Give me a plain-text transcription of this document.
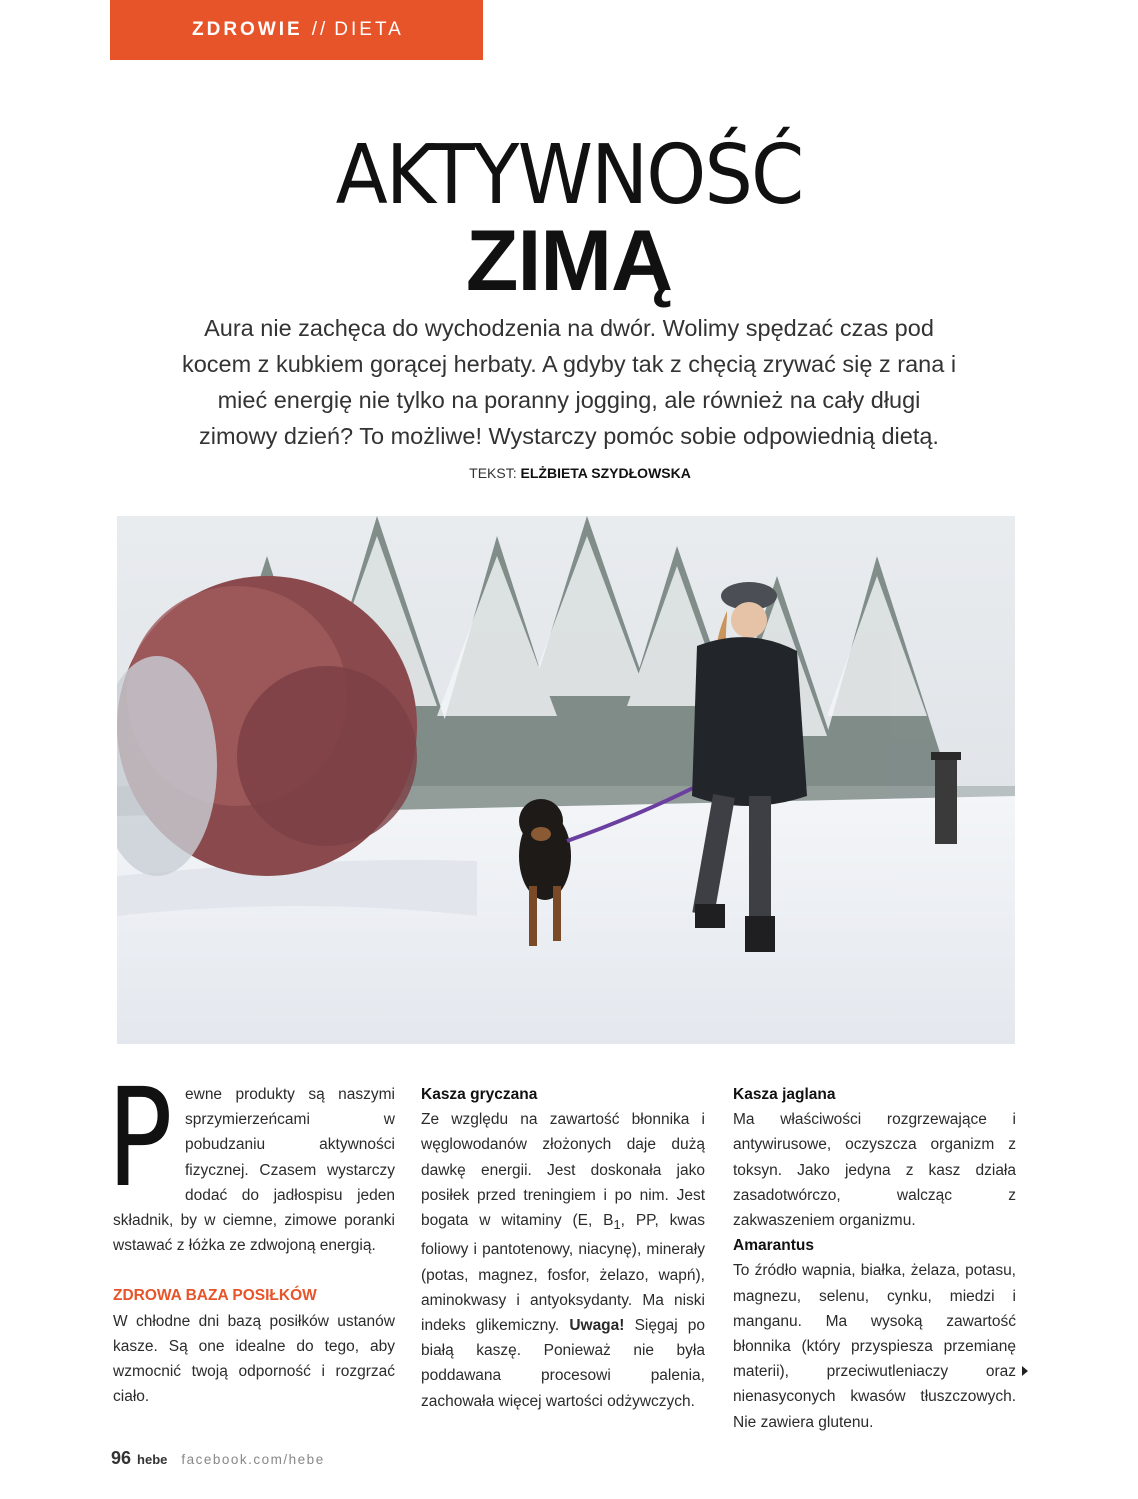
ZDROWIE // DIETA
AKTYWNOŚĆ
ZIMĄ

Aura nie zachęca do wychodzenia na dwór. Wolimy spędzać czas pod kocem z kubkiem gorącej herbaty. A gdyby tak z chęcią zrywać się z rana i mieć energię nie tylko na poranny jogging, ale również na cały długi zimowy dzień? To możliwe! Wystarczy pomóc sobie odpowiednią dietą. TEKST: ELŻBIETA SZYDŁOWSKA

P ewne produkty są naszymi sprzymierzeńcami w pobudzaniu aktywności fizycznej. Czasem wystarczy dodać do jadłospisu jeden składnik, by w ciemne, zimowe poranki wstawać z łóżka ze zdwojoną energią.

ZDROWA BAZA POSIŁKÓW

W chłodne dni bazą posiłków ustanów kasze. Są one idealne do tego, aby wzmocnić twoją odporność i rozgrzać ciało.

Kasza gryczana

Ze względu na zawartość błonnika i węglowodanów złożonych daje dużą dawkę energii. Jest doskonała jako posiłek przed treningiem i po nim. Jest bogata w witaminy (E, $B_1$, PP, kwas foliowy i pantotenowy, niacynę), minerały (potas, magnez, fosfor, żelazo, wapń), aminokwasy i antyoksydanty. Ma niski indeks glikemiczny. Uwaga! Sięgaj po białą kaszę. Ponieważ nie była poddawana procesowi palenia, zachowała więcej wartości odżywczych.

Kasza jaglana

Ma właściwości rozgrzewające i antywirusowe, oczyszcza organizm z toksyn. Jako jedyna z kasz działa zasadotwórczo, walcząc z zakwaszeniem organizmu.

Amarantus

To źródło wapnia, białka, żelaza, potasu, magnezu, selenu, cynku, miedzi i manganu. Ma wysoką zawartość błonnika (który przyspiesza przemianę materii), przeciwutleniaczy oraz nienasyconych kwasów tłuszczowych. Nie zawiera glutenu.

96 hebe facebook.com/hebe
